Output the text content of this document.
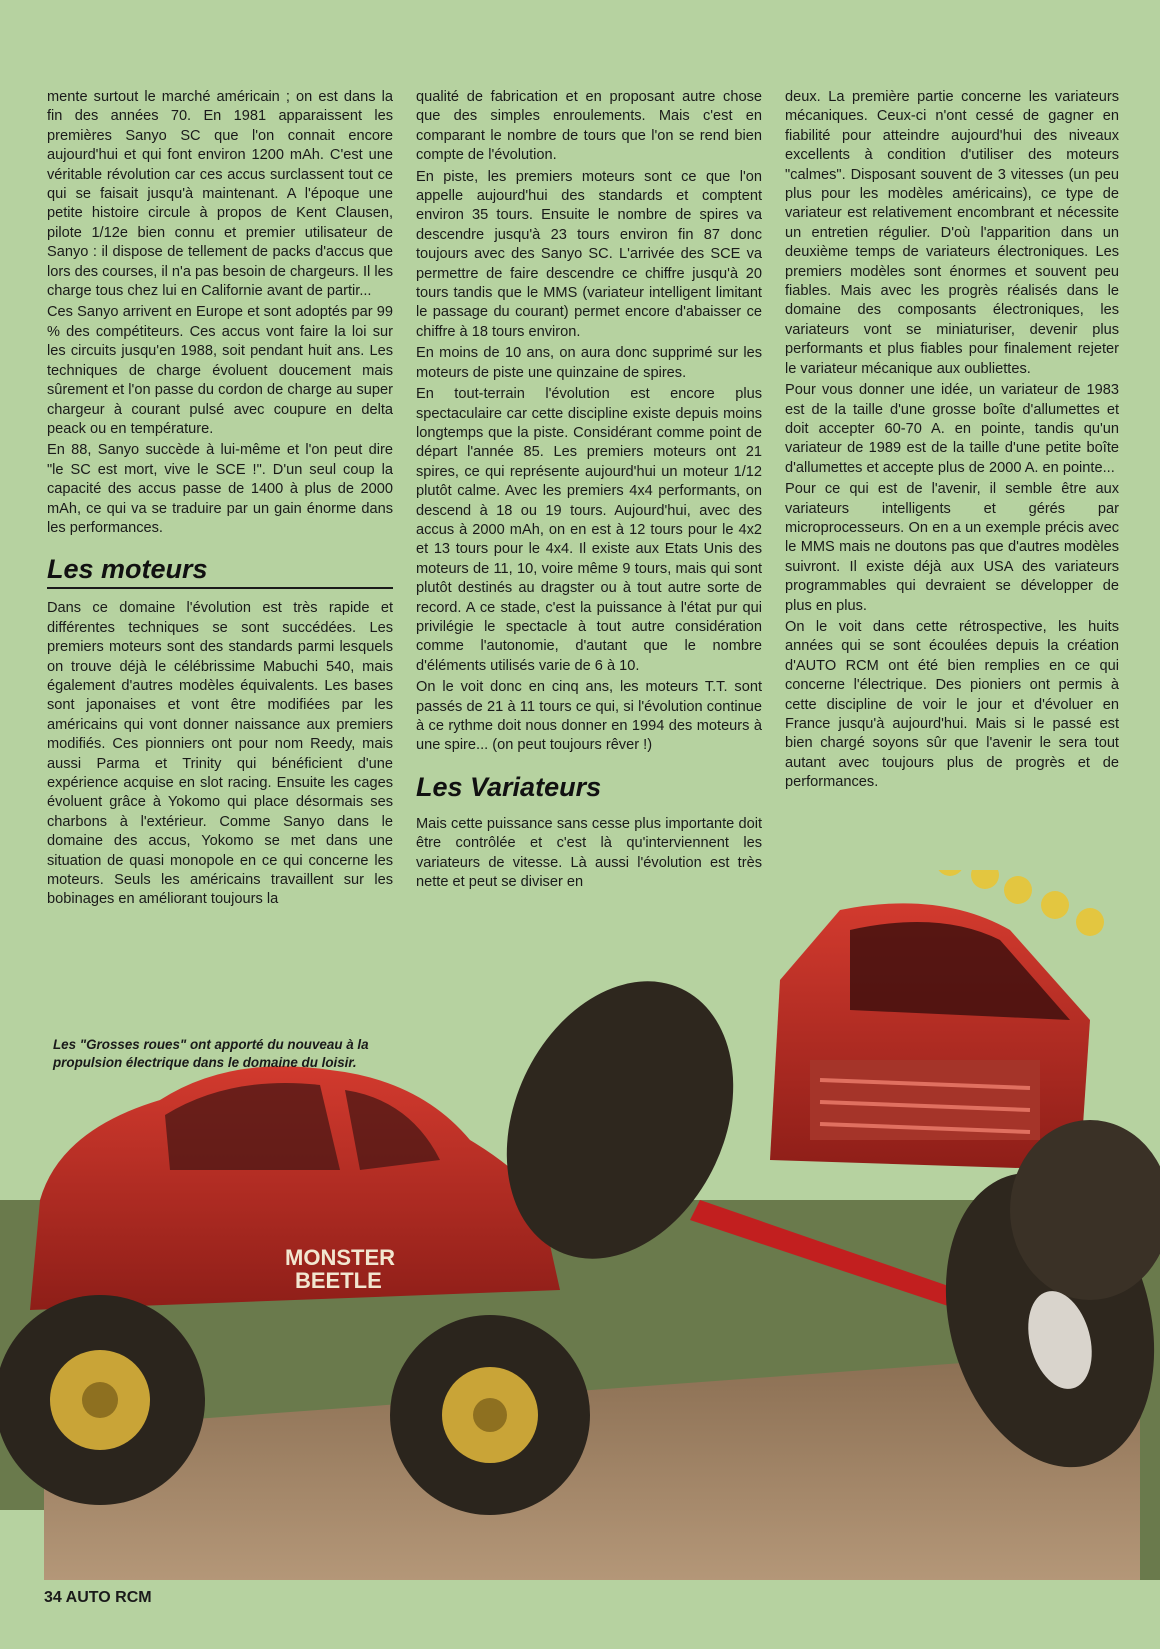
mente surtout le marché américain ; on est dans la fin des années 70. En 1981 apparaissent les premières Sanyo SC que l'on connait encore aujourd'hui et qui font environ 1200 mAh. C'est une véritable révolution car ces accus surclassent tout ce qui se faisait jusqu'à maintenant. A l'époque une petite histoire circule à propos de Kent Clausen, pilote 1/12e bien connu et premier utilisateur de Sanyo : il dispose de tellement de packs d'accus que lors des courses, il n'a pas besoin de chargeurs. Il les charge tous chez lui en Californie avant de partir...

Ces Sanyo arrivent en Europe et sont adoptés par 99 % des compétiteurs. Ces accus vont faire la loi sur les circuits jusqu'en 1988, soit pendant huit ans. Les techniques de charge évoluent doucement mais sûrement et l'on passe du cordon de charge au super chargeur à courant pulsé avec coupure en delta peack ou en température.

En 88, Sanyo succède à lui-même et l'on peut dire "le SC est mort, vive le SCE !". D'un seul coup la capacité des accus passe de 1400 à plus de 2000 mAh, ce qui va se traduire par un gain énorme dans les performances.

Les moteurs

Dans ce domaine l'évolution est très rapide et différentes techniques se sont succédées. Les premiers moteurs sont des standards parmi lesquels on trouve déjà le célébrissime Mabuchi 540, mais également d'autres modèles équivalents. Les bases sont japonaises et vont être modifiées par les américains qui vont donner naissance aux premiers modifiés. Ces pionniers ont pour nom Reedy, mais aussi Parma et Trinity qui bénéficient d'une expérience acquise en slot racing. Ensuite les cages évoluent grâce à Yokomo qui place désormais ses charbons à l'extérieur. Comme Sanyo dans le domaine des accus, Yokomo se met dans une situation de quasi monopole en ce qui concerne les moteurs. Seuls les américains travaillent sur les bobinages en améliorant toujours la

qualité de fabrication et en proposant autre chose que des simples enroulements. Mais c'est en comparant le nombre de tours que l'on se rend bien compte de l'évolution.

En piste, les premiers moteurs sont ce que l'on appelle aujourd'hui des standards et comptent environ 35 tours. Ensuite le nombre de spires va descendre jusqu'à 23 tours environ fin 87 donc toujours avec des Sanyo SC. L'arrivée des SCE va permettre de faire descendre ce chiffre jusqu'à 20 tours tandis que le MMS (variateur intelligent limitant le passage du courant) permet encore d'abaisser ce chiffre à 18 tours environ.

En moins de 10 ans, on aura donc supprimé sur les moteurs de piste une quinzaine de spires.

En tout-terrain l'évolution est encore plus spectaculaire car cette discipline existe depuis moins longtemps que la piste. Considérant comme point de départ l'année 85. Les premiers moteurs ont 21 spires, ce qui représente aujourd'hui un moteur 1/12 plutôt calme. Avec les premiers 4x4 performants, on descend à 18 ou 19 tours. Aujourd'hui, avec des accus à 2000 mAh, on en est à 12 tours pour le 4x2 et 13 tours pour le 4x4. Il existe aux Etats Unis des moteurs de 11, 10, voire même 9 tours, mais qui sont plutôt destinés au dragster ou à tout autre sorte de record. A ce stade, c'est la puissance à l'état pur qui privilégie le spectacle à tout autre considération comme l'autonomie, d'autant que le nombre d'éléments utilisés varie de 6 à 10.

On le voit donc en cinq ans, les moteurs T.T. sont passés de 21 à 11 tours ce qui, si l'évolution continue à ce rythme doit nous donner en 1994 des moteurs à une spire... (on peut toujours rêver !)

Les Variateurs

Mais cette puissance sans cesse plus importante doit être contrôlée et c'est là qu'interviennent les variateurs de vitesse. Là aussi l'évolution est très nette et peut se diviser en

deux. La première partie concerne les variateurs mécaniques. Ceux-ci n'ont cessé de gagner en fiabilité pour atteindre aujourd'hui des niveaux excellents à condition d'utiliser des moteurs "calmes". Disposant souvent de 3 vitesses (un peu plus pour les modèles américains), ce type de variateur est relativement encombrant et nécessite un entretien régulier. D'où l'apparition dans un deuxième temps de variateurs électroniques. Les premiers modèles sont énormes et souvent peu fiables. Mais avec les progrès réalisés dans le domaine des composants électroniques, les variateurs vont se miniaturiser, devenir plus performants et plus fiables pour finalement rejeter le variateur mécanique aux oubliettes.

Pour vous donner une idée, un variateur de 1983 est de la taille d'une grosse boîte d'allumettes et doit accepter 60-70 A. en pointe, tandis qu'un variateur de 1989 est de la taille d'une petite boîte d'allumettes et accepte plus de 2000 A. en pointe...

Pour ce qui est de l'avenir, il semble être aux variateurs intelligents et gérés par microprocesseurs. On en a un exemple précis avec le MMS mais ne doutons pas que d'autres modèles suivront. Il existe déjà aux USA des variateurs programmables qui devraient se développer de plus en plus.

On le voit dans cette rétrospective, les huits années qui se sont écoulées depuis la création d'AUTO RCM ont été bien remplies en ce qui concerne l'électrique. Des pioniers ont permis à cette discipline de voir le jour et d'évoluer en France jusqu'à aujourd'hui. Mais si le passé est bien chargé soyons sûr que l'avenir le sera tout autant avec toujours plus de progrès et de performances.

MONSTER
BEETLE
Les "Grosses roues" ont apporté du nouveau à la propulsion électrique dans le domaine du loisir.
34 AUTO RCM
